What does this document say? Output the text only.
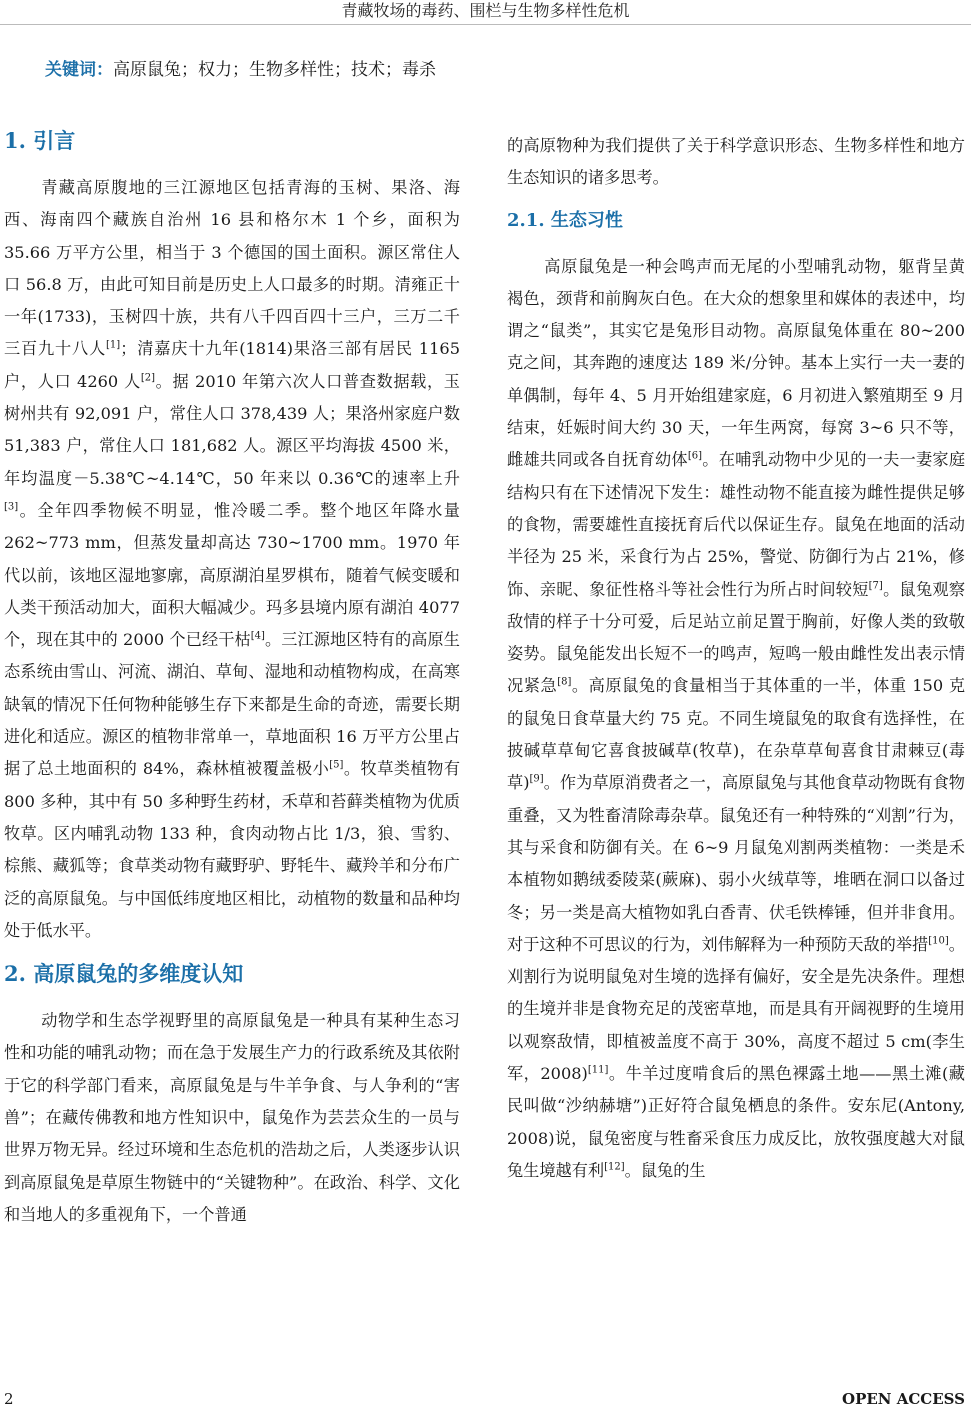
青藏牧场的毒药、围栏与生物多样性危机
关键词：高原鼠兔；权力；生物多样性；技术；毒杀
1. 引言

青藏高原腹地的三江源地区包括青海的玉树、果洛、海西、海南四个藏族自治州 16 县和格尔木 1 个乡，面积为 35.66 万平方公里，相当于 3 个德国的国土面积。源区常住人口 56.8 万，由此可知目前是历史上人口最多的时期。清雍正十一年(1733)，玉树四十族，共有八千四百四十三户，三万二千三百九十八人[1]；清嘉庆十九年(1814)果洛三部有居民 1165 户，人口 4260 人[2]。据 2010 年第六次人口普查数据载，玉树州共有 92,091 户，常住人口 378,439 人；果洛州家庭户数 51,383 户，常住人口 181,682 人。源区平均海拔 4500 米，年均温度－5.38℃~4.14℃，50 年来以 0.36℃的速率上升[3]。全年四季物候不明显，惟冷暖二季。整个地区年降水量 262~773 mm，但蒸发量却高达 730~1700 mm。1970 年代以前，该地区湿地寥廓，高原湖泊星罗棋布，随着气候变暖和人类干预活动加大，面积大幅减少。玛多县境内原有湖泊 4077 个，现在其中的 2000 个已经干枯[4]。三江源地区特有的高原生态系统由雪山、河流、湖泊、草甸、湿地和动植物构成，在高寒缺氧的情况下任何物种能够生存下来都是生命的奇迹，需要长期进化和适应。源区的植物非常单一，草地面积 16 万平方公里占据了总土地面积的 84%，森林植被覆盖极小[5]。牧草类植物有 800 多种，其中有 50 多种野生药材，禾草和苔藓类植物为优质牧草。区内哺乳动物 133 种，食肉动物占比 1/3，狼、雪豹、棕熊、藏狐等；食草类动物有藏野驴、野牦牛、藏羚羊和分布广泛的高原鼠兔。与中国低纬度地区相比，动植物的数量和品种均处于低水平。

2. 高原鼠兔的多维度认知

动物学和生态学视野里的高原鼠兔是一种具有某种生态习性和功能的哺乳动物；而在急于发展生产力的行政系统及其依附于它的科学部门看来，高原鼠兔是与牛羊争食、与人争利的“害兽”；在藏传佛教和地方性知识中，鼠兔作为芸芸众生的一员与世界万物无异。经过环境和生态危机的浩劫之后，人类逐步认识到高原鼠兔是草原生物链中的“关键物种”。在政治、科学、文化和当地人的多重视角下，一个普通

的高原物种为我们提供了关于科学意识形态、生物多样性和地方生态知识的诸多思考。

2.1. 生态习性

高原鼠兔是一种会鸣声而无尾的小型哺乳动物，躯背呈黄褐色，颈背和前胸灰白色。在大众的想象里和媒体的表述中，均谓之“鼠类”，其实它是兔形目动物。高原鼠兔体重在 80~200 克之间，其奔跑的速度达 189 米/分钟。基本上实行一夫一妻的单偶制，每年 4、5 月开始组建家庭，6 月初进入繁殖期至 9 月结束，妊娠时间大约 30 天，一年生两窝，每窝 3~6 只不等，雌雄共同或各自抚育幼体[6]。在哺乳动物中少见的一夫一妻家庭结构只有在下述情况下发生：雄性动物不能直接为雌性提供足够的食物，需要雄性直接抚育后代以保证生存。鼠兔在地面的活动半径为 25 米，采食行为占 25%，警觉、防御行为占 21%，修饰、亲昵、象征性格斗等社会性行为所占时间较短[7]。鼠兔观察敌情的样子十分可爱，后足站立前足置于胸前，好像人类的致敬姿势。鼠兔能发出长短不一的鸣声，短鸣一般由雌性发出表示情况紧急[8]。高原鼠兔的食量相当于其体重的一半，体重 150 克的鼠兔日食草量大约 75 克。不同生境鼠兔的取食有选择性，在披碱草草甸它喜食披碱草(牧草)，在杂草草甸喜食甘肃棘豆(毒草)[9]。作为草原消费者之一，高原鼠兔与其他食草动物既有食物重叠，又为牲畜清除毒杂草。鼠兔还有一种特殊的“刈割”行为，其与采食和防御有关。在 6~9 月鼠兔刈割两类植物：一类是禾本植物如鹅绒委陵菜(蕨麻)、弱小火绒草等，堆晒在洞口以备过冬；另一类是高大植物如乳白香青、伏毛铁棒锤，但并非食用。对于这种不可思议的行为，刘伟解释为一种预防天敌的举措[10]。刈割行为说明鼠兔对生境的选择有偏好，安全是先决条件。理想的生境并非是食物充足的茂密草地，而是具有开阔视野的生境用以观察敌情，即植被盖度不高于 30%，高度不超过 5 cm(李生军，2008)[11]。牛羊过度啃食后的黑色裸露土地——黑土滩(藏民叫做“沙纳赫塘”)正好符合鼠兔栖息的条件。安东尼(Antony, 2008)说，鼠兔密度与牲畜采食压力成反比，放牧强度越大对鼠兔生境越有利[12]。鼠兔的生

2	OPEN ACCESS
